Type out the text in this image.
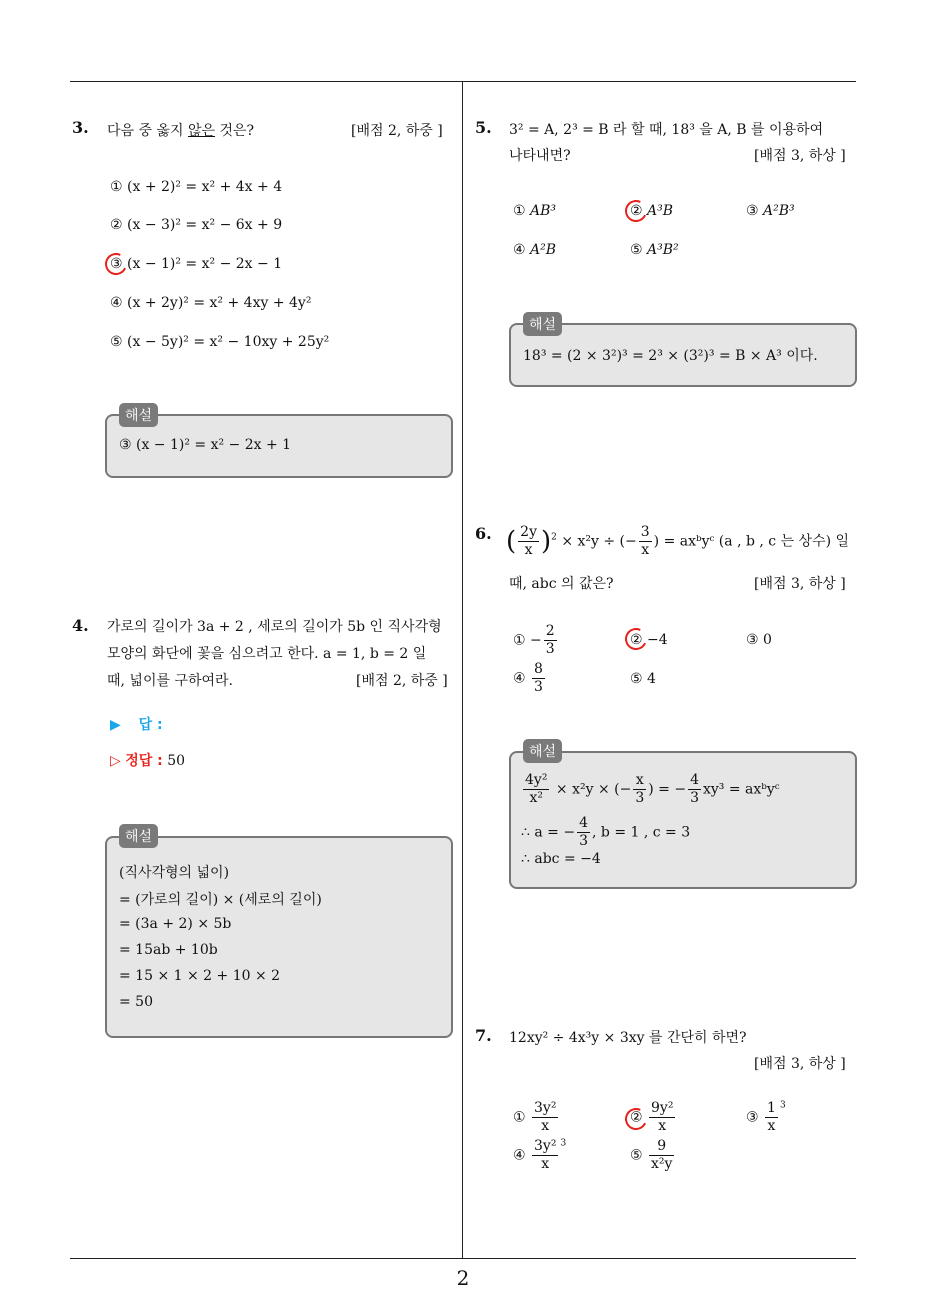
2
3. 다음 중 옳지 않은 것은?	[배점 2, 하중 ]
① (x + 2)² = x² + 4x + 4
② (x − 3)² = x² − 6x + 9
③ (x − 1)² = x² − 2x − 1
④ (x + 2y)² = x² + 4xy + 4y²
⑤ (x − 5y)² = x² − 10xy + 25y²
해설
③ (x − 1)² = x² − 2x + 1
4. 가로의 길이가 3a + 2 , 세로의 길이가 5b 인 직사각형
모양의 화단에 꽃을 심으려고 한다. a = 1, b = 2 일
때, 넓이를 구하여라.	[배점 2, 하중 ]
▶ 답 :
▷ 정답 : 50
해설
(직사각형의 넓이)
= (가로의 길이) × (세로의 길이)
= (3a + 2) × 5b
= 15ab + 10b
= 15 × 1 × 2 + 10 × 2
= 50
5. 3² = A, 2³ = B 라 할 때, 18³ 을 A, B 를 이용하여
나타내면?	[배점 3, 하상 ]
① AB³	② A³B	③ A²B³
④ A²B	⑤ A³B²
해설
18³ = (2 × 3²)³ = 2³ × (3²)³ = B × A³ 이다.
6. ( $\frac{2y}{x} )^2 \times x^2y$ ÷ (− $\frac{3}{x}$ ) = axᵇyᶜ (a , b , c 는 상수) 일
때, abc 의 값은?	[배점 3, 하상 ]
① − $\frac{2}{3}$	② −4	③ 0
④ $\frac{8}{3}$	⑤ 4
해설
$\frac{\text{4y²}}{\text{x²}} \times x^2y$ × (− $\frac{x}{3}$ ) = − $\frac{4}{3} xy^3$ = axᵇyᶜ
∴ a = − $\frac{4}{3}$ , b = 1 , c = 3
∴ abc = −4
7. 12xy² ÷ 4x³y × 3xy 를 간단히 하면?
[배점 3, 하상 ]
① $\frac{\text{3y²}}{x}$	② $\frac{\text{9y²}}{x}$	③ $\frac{1}{x} ^3$
④ $\frac{\text{3y²}}{x} ^3$
⑤ $\frac{9}{\text{x²y}}$
